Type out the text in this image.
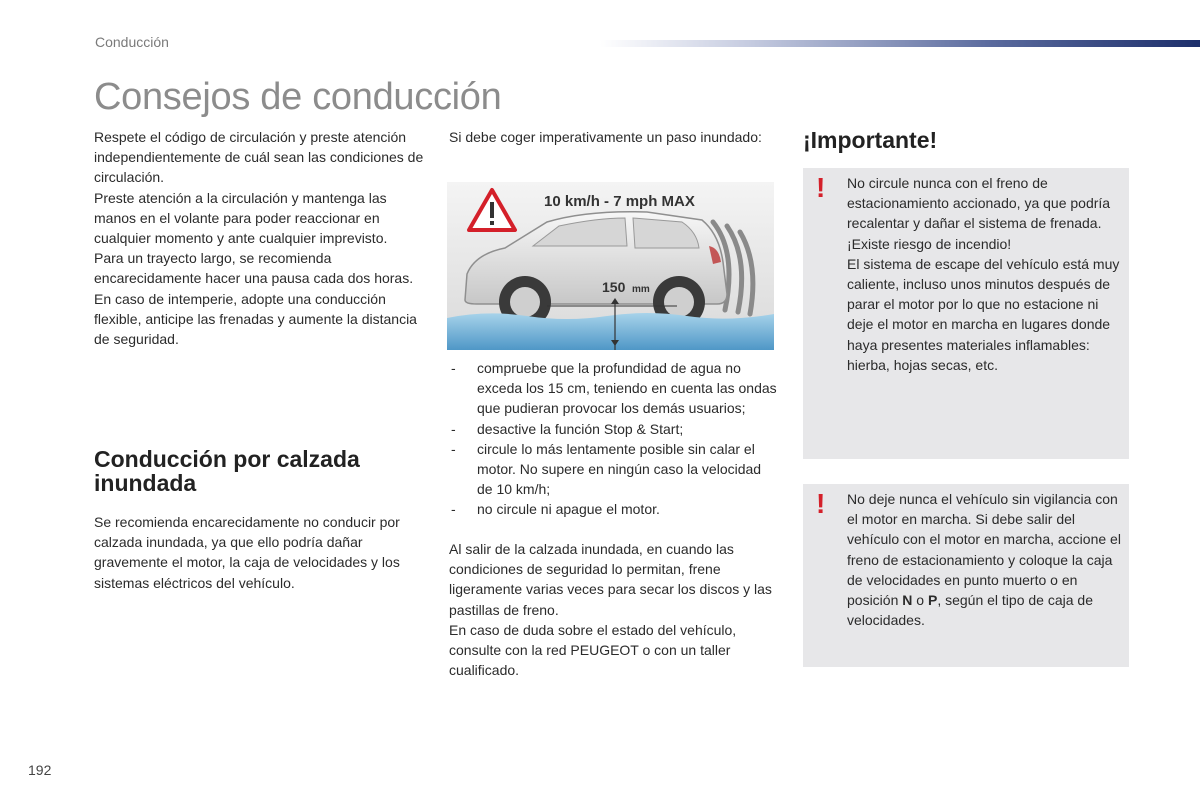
Conducción
Consejos de conducción

Respete el código de circulación y preste atención independientemente de cuál sean las condiciones de circulación.

Preste atención a la circulación y mantenga las manos en el volante para poder reaccionar en cualquier momento y ante cualquier imprevisto.

Para un trayecto largo, se recomienda encarecidamente hacer una pausa cada dos horas.

En caso de intemperie, adopte una conducción flexible, anticipe las frenadas y aumente la distancia de seguridad.

Conducción por calzada inundada

Se recomienda encarecidamente no conducir por calzada inundada, ya que ello podría dañar gravemente el motor, la caja de velocidades y los sistemas eléctricos del vehículo.

Si debe coger imperativamente un paso inundado:

10 km/h - 7 mph MAX
150 mm
- compruebe que la profundidad de agua no exceda los 15 cm, teniendo en cuenta las ondas que pudieran provocar los demás usuarios;
- desactive la función Stop & Start;
- circule lo más lentamente posible sin calar el motor. No supere en ningún caso la velocidad de 10 km/h;
- no circule ni apague el motor.

Al salir de la calzada inundada, en cuando las condiciones de seguridad lo permitan, frene ligeramente varias veces para secar los discos y las pastillas de freno.

En caso de duda sobre el estado del vehículo, consulte con la red PEUGEOT o con un taller cualificado.

¡Importante!
! No circule nunca con el freno de estacionamiento accionado, ya que podría recalentar y dañar el sistema de frenada.

¡Existe riesgo de incendio!

El sistema de escape del vehículo está muy caliente, incluso unos minutos después de parar el motor por lo que no estacione ni deje el motor en marcha en lugares donde haya presentes materiales inflamables: hierba, hojas secas, etc.

! No deje nunca el vehículo sin vigilancia con el motor en marcha. Si debe salir del vehículo con el motor en marcha, accione el freno de estacionamiento y coloque la caja de velocidades en punto muerto o en posición N o P, según el tipo de caja de velocidades.

192
